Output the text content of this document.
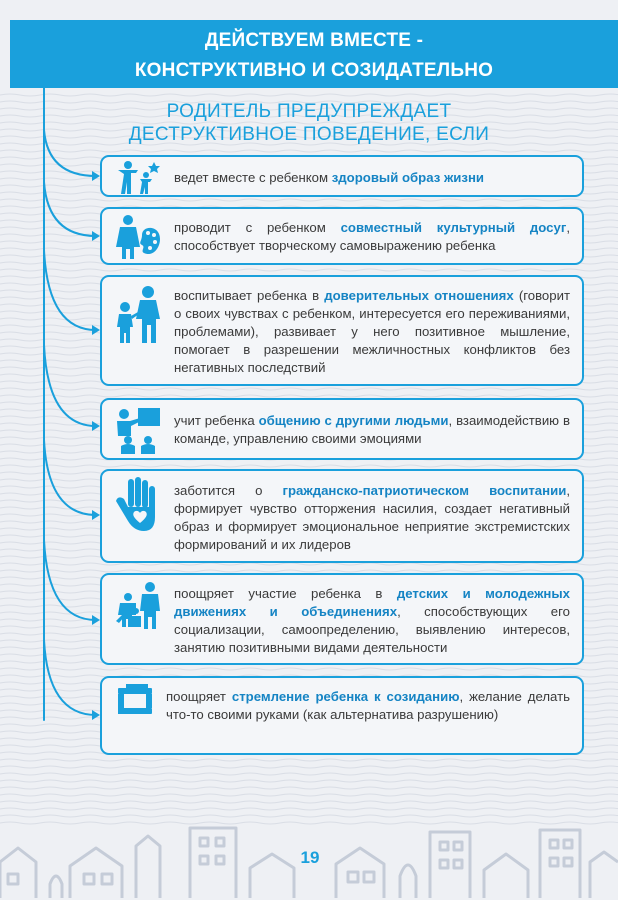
ДЕЙСТВУЕМ ВМЕСТЕ -
КОНСТРУКТИВНО И СОЗИДАТЕЛЬНО
РОДИТЕЛЬ ПРЕДУПРЕЖДАЕТ
ДЕСТРУКТИВНОЕ ПОВЕДЕНИЕ, ЕСЛИ

ведет вместе с ребенком здоровый образ жизни

проводит с ребенком совместный культурный досуг, способствует творческому самовыражению ребенка

воспитывает ребенка в доверительных отношениях (говорит о своих чувствах с ребенком, интересуется его переживаниями, проблемами), развивает у него позитивное мышление, помогает в разрешении межличностных конфликтов без негативных последствий

учит ребенка общению с другими людьми, взаимодействию в команде, управлению своими эмоциями

заботится о гражданско-патриотическом воспитании, формирует чувство отторжения насилия, создает негативный образ и формирует эмоциональное неприятие экстремистских формирований и их лидеров

поощряет участие ребенка в детских и молодежных движениях и объединениях, способствующих его социализации, самоопределению, выявлению интересов, занятию позитивными видами деятельности

поощряет стремление ребенка к созиданию, желание делать что-то своими руками (как альтернатива разрушению)

19
